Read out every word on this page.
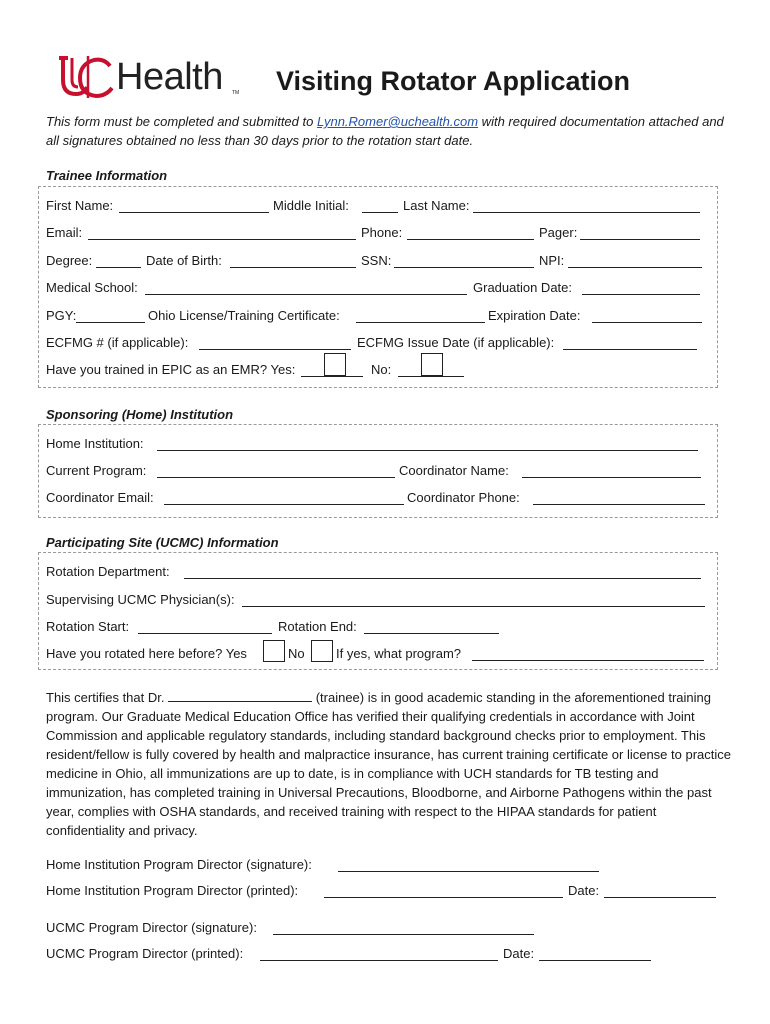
Health TM Visiting Rotator Application
This form must be completed and submitted to Lynn.Romer@uchealth.com with required documentation attached and all signatures obtained no less than 30 days prior to the rotation start date.
Trainee Information
First Name:	Middle Initial:	Last Name:
Email:	Phone:	Pager:
Degree:	Date of Birth:	SSN:	NPI:
Medical School:	Graduation Date:
PGY:	Ohio License/Training Certificate:	Expiration Date:
ECFMG # (if applicable):	ECFMG Issue Date (if applicable):
Have you trained in EPIC as an EMR? Yes:	No:
Sponsoring (Home) Institution
Home Institution:
Current Program:	Coordinator Name:
Coordinator Email:	Coordinator Phone:
Participating Site (UCMC) Information
Rotation Department:
Supervising UCMC Physician(s):
Rotation Start:	Rotation End:
Have you rotated here before? Yes	No If yes, what program?
This certifies that Dr.	(trainee) is in good academic standing in the aforementioned training program. Our Graduate Medical Education Office has verified their qualifying credentials in accordance with Joint Commission and applicable regulatory standards, including standard background checks prior to employment. This resident/fellow is fully covered by health and malpractice insurance, has current training certificate or license to practice medicine in Ohio, all immunizations are up to date, is in compliance with UCH standards for TB testing and immunization, has completed training in Universal Precautions, Bloodborne, and Airborne Pathogens within the past year, complies with OSHA standards, and received training with respect to the HIPAA standards for patient confidentiality and privacy.
Home Institution Program Director (signature):
Home Institution Program Director (printed):	Date:
UCMC Program Director (signature):
UCMC Program Director (printed):	Date:
